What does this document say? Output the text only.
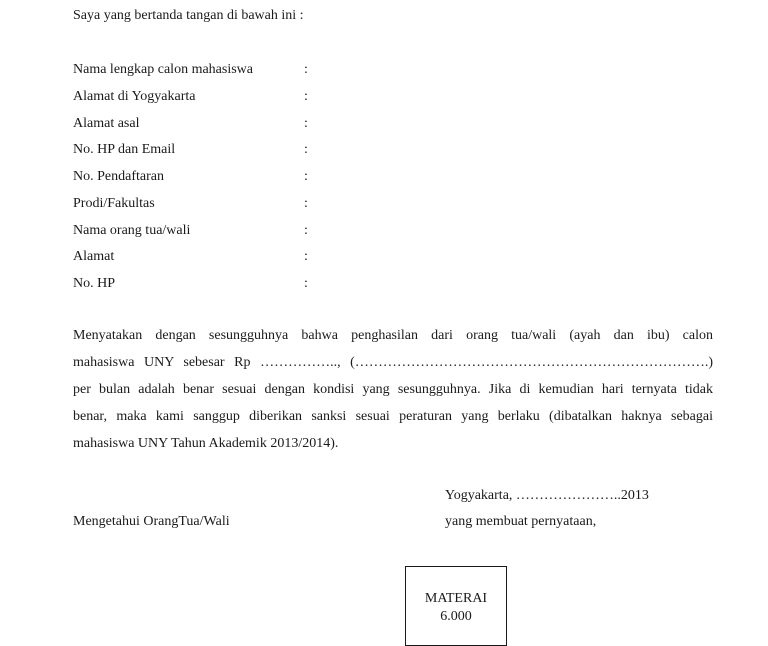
Saya yang bertanda tangan di bawah ini :
Nama lengkap calon mahasiswa	:
Alamat di Yogyakarta	:
Alamat asal	:
No. HP dan Email	:
No. Pendaftaran	:
Prodi/Fakultas	:
Nama orang tua/wali	:
Alamat	:
No. HP	:
Menyatakan dengan sesungguhnya bahwa penghasilan dari orang tua/wali (ayah dan ibu) calon
mahasiswa UNY sebesar Rp …………….., (………………………………………………………………….)
per bulan adalah benar sesuai dengan kondisi yang sesungguhnya. Jika di kemudian hari ternyata tidak
benar, maka kami sanggup diberikan sanksi sesuai peraturan yang berlaku (dibatalkan haknya sebagai
mahasiswa UNY Tahun Akademik 2013/2014).
Yogyakarta, …………………..2013
Mengetahui OrangTua/Wali	yang membuat pernyataan,
MATERAI
6.000
